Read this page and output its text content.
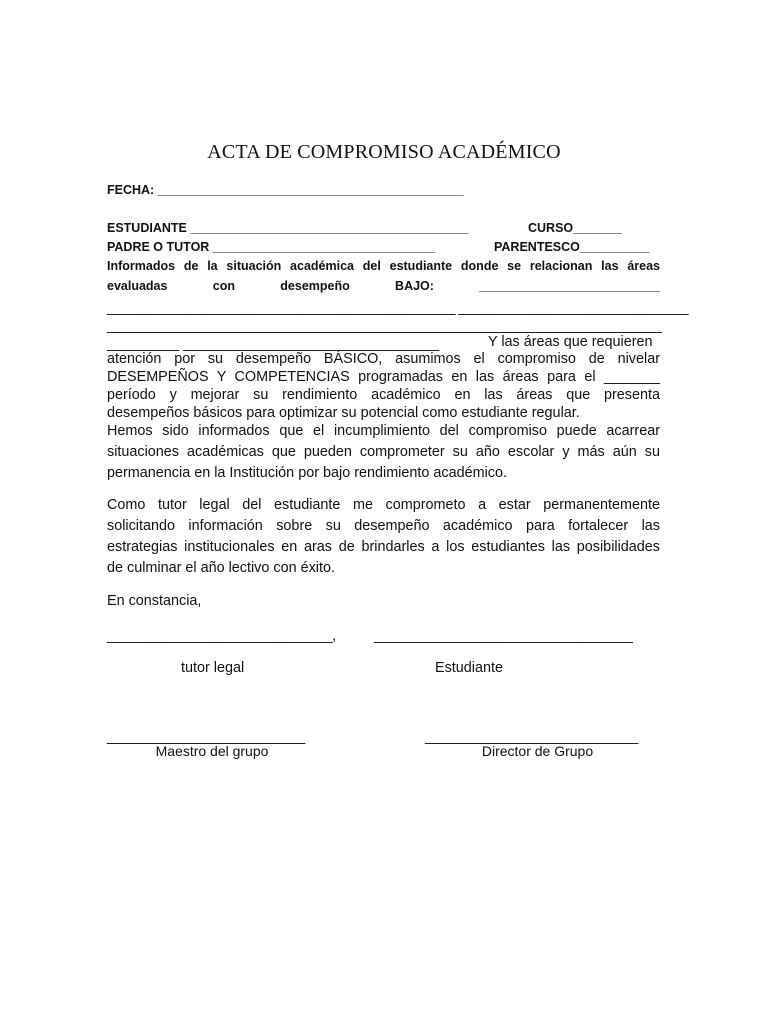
ACTA DE COMPROMISO ACADÉMICO
FECHA: ____________________________________________
ESTUDIANTE ________________________________________	CURSO_______
PADRE O TUTOR ________________________________	PARENTESCO__________
Informados de la situación académica del estudiante donde se relacionan las áreas
evaluadas con desempeño BAJO: __________________________
_______________________________________________ _______________________________
______________________________________________________________________________
_________ ________________________________	Y las áreas que requieren
atención por su desempeño BÁSICO, asumimos el compromiso de nivelar
DESEMPEÑOS Y COMPETENCIAS programadas en las áreas para el _______
período y mejorar su rendimiento académico en las áreas que presenta
desempeños básicos para optimizar su potencial como estudiante regular.
Hemos sido informados que el incumplimiento del compromiso puede acarrear
situaciones académicas que pueden comprometer su año escolar y más aún su
permanencia en la Institución por bajo rendimiento académico.
Como tutor legal del estudiante me comprometo a estar permanentemente
solicitando información sobre su desempeño académico para fortalecer las
estrategias institucionales en aras de brindarles a los estudiantes las posibilidades
de culminar el año lectivo con éxito.
En constancia,
______________________________,	__________________________________
tutor legal	Estudiante
__________________________	____________________________
Maestro del grupo	Director de Grupo
